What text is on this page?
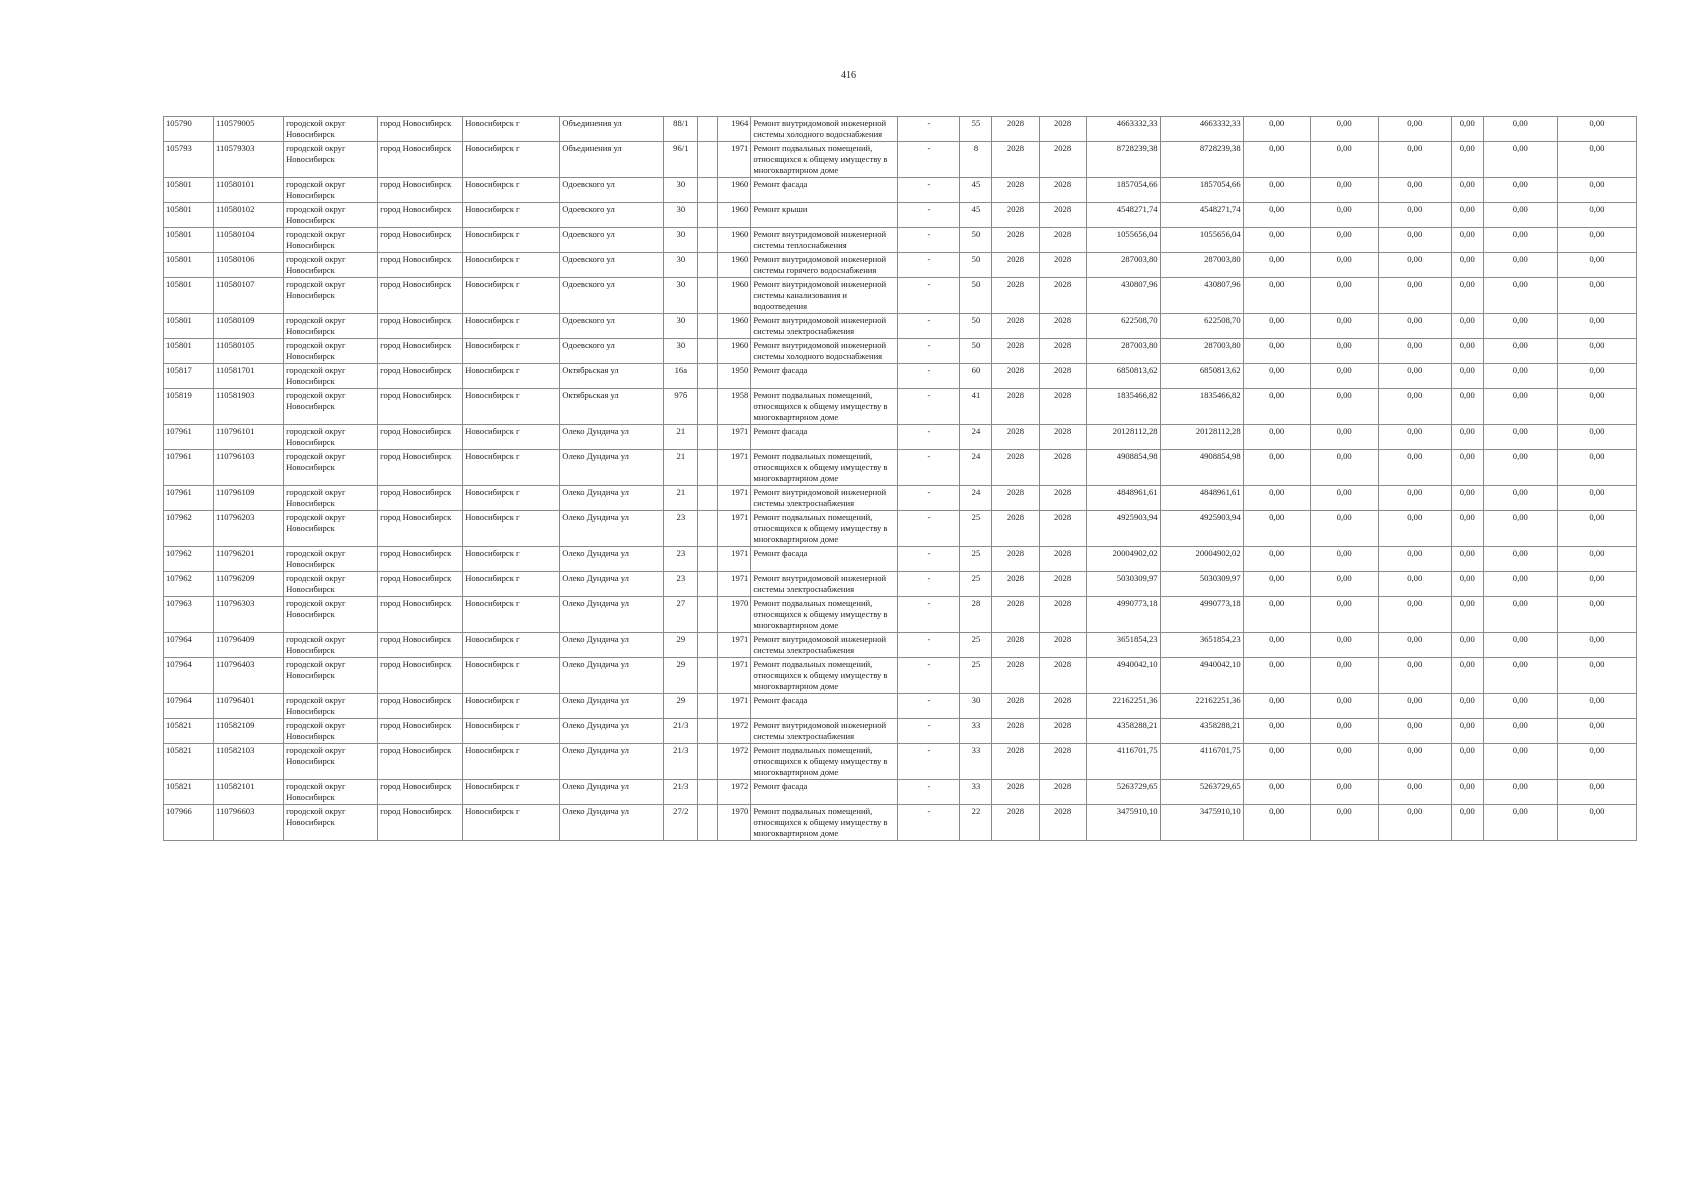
416
105790	110579005	городской округ Новосибирск	город Новосибирск	Новосибирск г	Объединения ул	88/1		1964	Ремонт внутридомовой инженерной системы холодного водоснабжения	-	55	2028	2028	4663332,33	4663332,33	0,00	0,00	0,00	0,00	0,00	0,00
105793	110579303	городской округ Новосибирск	город Новосибирск	Новосибирск г	Объединения ул	96/1		1971	Ремонт подвальных помещений, относящихся к общему имуществу в многоквартирном доме	-	8	2028	2028	8728239,38	8728239,38	0,00	0,00	0,00	0,00	0,00	0,00
105801	110580101	городской округ Новосибирск	город Новосибирск	Новосибирск г	Одоевского ул	30		1960	Ремонт фасада	-	45	2028	2028	1857054,66	1857054,66	0,00	0,00	0,00	0,00	0,00	0,00
105801	110580102	городской округ Новосибирск	город Новосибирск	Новосибирск г	Одоевского ул	30		1960	Ремонт крыши	-	45	2028	2028	4548271,74	4548271,74	0,00	0,00	0,00	0,00	0,00	0,00
105801	110580104	городской округ Новосибирск	город Новосибирск	Новосибирск г	Одоевского ул	30		1960	Ремонт внутридомовой инженерной системы теплоснабжения	-	50	2028	2028	1055656,04	1055656,04	0,00	0,00	0,00	0,00	0,00	0,00
105801	110580106	городской округ Новосибирск	город Новосибирск	Новосибирск г	Одоевского ул	30		1960	Ремонт внутридомовой инженерной системы горячего водоснабжения	-	50	2028	2028	287003,80	287003,80	0,00	0,00	0,00	0,00	0,00	0,00
105801	110580107	городской округ Новосибирск	город Новосибирск	Новосибирск г	Одоевского ул	30		1960	Ремонт внутридомовой инженерной системы канализования и водоотведения	-	50	2028	2028	430807,96	430807,96	0,00	0,00	0,00	0,00	0,00	0,00
105801	110580109	городской округ Новосибирск	город Новосибирск	Новосибирск г	Одоевского ул	30		1960	Ремонт внутридомовой инженерной системы электроснабжения	-	50	2028	2028	622508,70	622508,70	0,00	0,00	0,00	0,00	0,00	0,00
105801	110580105	городской округ Новосибирск	город Новосибирск	Новосибирск г	Одоевского ул	30		1960	Ремонт внутридомовой инженерной системы холодного водоснабжения	-	50	2028	2028	287003,80	287003,80	0,00	0,00	0,00	0,00	0,00	0,00
105817	110581701	городской округ Новосибирск	город Новосибирск	Новосибирск г	Октябрьская ул	16а		1950	Ремонт фасада	-	60	2028	2028	6850813,62	6850813,62	0,00	0,00	0,00	0,00	0,00	0,00
105819	110581903	городской округ Новосибирск	город Новосибирск	Новосибирск г	Октябрьская ул	97б		1958	Ремонт подвальных помещений, относящихся к общему имуществу в многоквартирном доме	-	41	2028	2028	1835466,82	1835466,82	0,00	0,00	0,00	0,00	0,00	0,00
107961	110796101	городской округ Новосибирск	город Новосибирск	Новосибирск г	Олеко Дундича ул	21		1971	Ремонт фасада	-	24	2028	2028	20128112,28	20128112,28	0,00	0,00	0,00	0,00	0,00	0,00
107961	110796103	городской округ Новосибирск	город Новосибирск	Новосибирск г	Олеко Дундича ул	21		1971	Ремонт подвальных помещений, относящихся к общему имуществу в многоквартирном доме	-	24	2028	2028	4908854,98	4908854,98	0,00	0,00	0,00	0,00	0,00	0,00
107961	110796109	городской округ Новосибирск	город Новосибирск	Новосибирск г	Олеко Дундича ул	21		1971	Ремонт внутридомовой инженерной системы электроснабжения	-	24	2028	2028	4848961,61	4848961,61	0,00	0,00	0,00	0,00	0,00	0,00
107962	110796203	городской округ Новосибирск	город Новосибирск	Новосибирск г	Олеко Дундича ул	23		1971	Ремонт подвальных помещений, относящихся к общему имуществу в многоквартирном доме	-	25	2028	2028	4925903,94	4925903,94	0,00	0,00	0,00	0,00	0,00	0,00
107962	110796201	городской округ Новосибирск	город Новосибирск	Новосибирск г	Олеко Дундича ул	23		1971	Ремонт фасада	-	25	2028	2028	20004902,02	20004902,02	0,00	0,00	0,00	0,00	0,00	0,00
107962	110796209	городской округ Новосибирск	город Новосибирск	Новосибирск г	Олеко Дундича ул	23		1971	Ремонт внутридомовой инженерной системы электроснабжения	-	25	2028	2028	5030309,97	5030309,97	0,00	0,00	0,00	0,00	0,00	0,00
107963	110796303	городской округ Новосибирск	город Новосибирск	Новосибирск г	Олеко Дундича ул	27		1970	Ремонт подвальных помещений, относящихся к общему имуществу в многоквартирном доме	-	28	2028	2028	4990773,18	4990773,18	0,00	0,00	0,00	0,00	0,00	0,00
107964	110796409	городской округ Новосибирск	город Новосибирск	Новосибирск г	Олеко Дундича ул	29		1971	Ремонт внутридомовой инженерной системы электроснабжения	-	25	2028	2028	3651854,23	3651854,23	0,00	0,00	0,00	0,00	0,00	0,00
107964	110796403	городской округ Новосибирск	город Новосибирск	Новосибирск г	Олеко Дундича ул	29		1971	Ремонт подвальных помещений, относящихся к общему имуществу в многоквартирном доме	-	25	2028	2028	4940042,10	4940042,10	0,00	0,00	0,00	0,00	0,00	0,00
107964	110796401	городской округ Новосибирск	город Новосибирск	Новосибирск г	Олеко Дундича ул	29		1971	Ремонт фасада	-	30	2028	2028	22162251,36	22162251,36	0,00	0,00	0,00	0,00	0,00	0,00
105821	110582109	городской округ Новосибирск	город Новосибирск	Новосибирск г	Олеко Дундича ул	21/3		1972	Ремонт внутридомовой инженерной системы электроснабжения	-	33	2028	2028	4358288,21	4358288,21	0,00	0,00	0,00	0,00	0,00	0,00
105821	110582103	городской округ Новосибирск	город Новосибирск	Новосибирск г	Олеко Дундича ул	21/3		1972	Ремонт подвальных помещений, относящихся к общему имуществу в многоквартирном доме	-	33	2028	2028	4116701,75	4116701,75	0,00	0,00	0,00	0,00	0,00	0,00
105821	110582101	городской округ Новосибирск	город Новосибирск	Новосибирск г	Олеко Дундича ул	21/3		1972	Ремонт фасада	-	33	2028	2028	5263729,65	5263729,65	0,00	0,00	0,00	0,00	0,00	0,00
107966	110796603	городской округ Новосибирск	город Новосибирск	Новосибирск г	Олеко Дундича ул	27/2		1970	Ремонт подвальных помещений, относящихся к общему имуществу в многоквартирном доме	-	22	2028	2028	3475910,10	3475910,10	0,00	0,00	0,00	0,00	0,00	0,00
